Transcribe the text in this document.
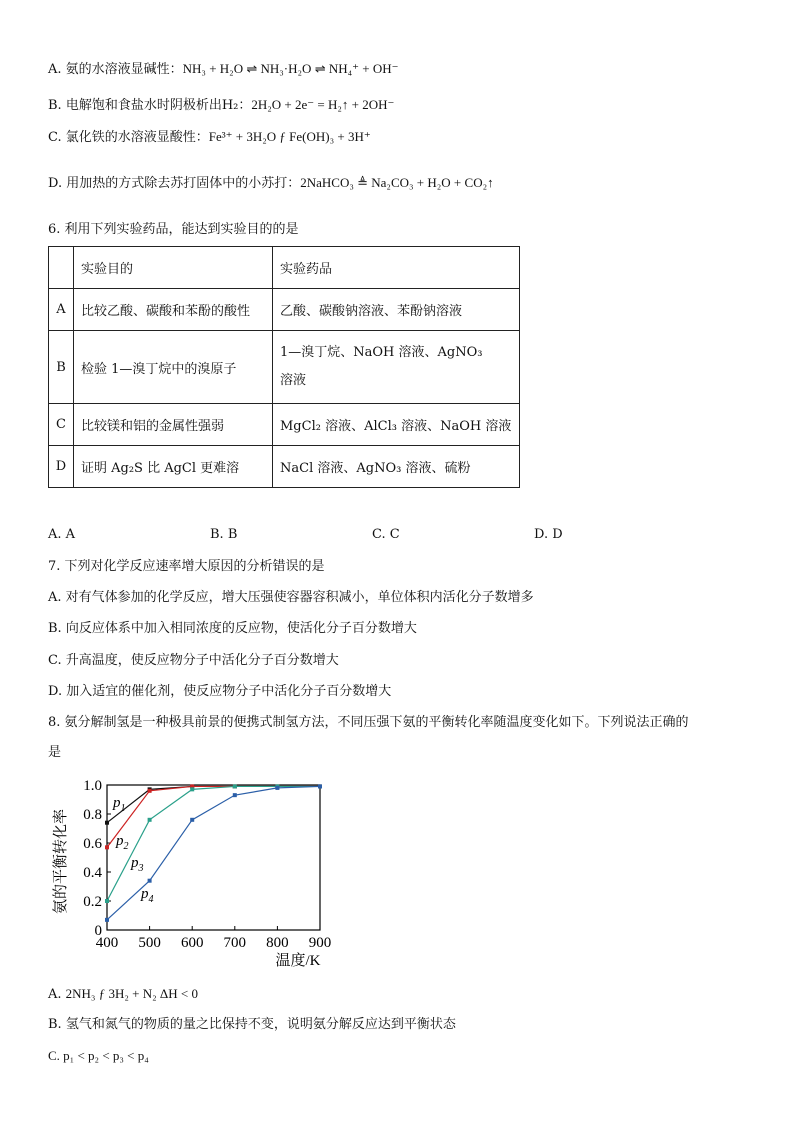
A. 氨的水溶液显碱性：NH₃ + H₂O ⇌ NH₃·H₂O ⇌ NH₄⁺ + OH⁻
B. 电解饱和食盐水时阴极析出H₂：2H₂O + 2e⁻ = H₂↑ + 2OH⁻
C. 氯化铁的水溶液显酸性：Fe³⁺ + 3H₂O ƒ Fe(OH)₃ + 3H⁺
D. 用加热的方式除去苏打固体中的小苏打：2NaHCO₃ ≜ Na₂CO₃ + H₂O + CO₂↑
6. 利用下列实验药品，能达到实验目的的是
	实验目的	实验药品
A	比较乙酸、碳酸和苯酚的酸性	乙酸、碳酸钠溶液、苯酚钠溶液
B	检验 1—溴丁烷中的溴原子	1—溴丁烷、NaOH 溶液、AgNO₃ 溶液
C	比较镁和铝的金属性强弱	MgCl₂ 溶液、AlCl₃ 溶液、NaOH 溶液
D	证明 Ag₂S 比 AgCl 更难溶	NaCl 溶液、AgNO₃ 溶液、硫粉
A. A	B. B	C. C	D. D
7. 下列对化学反应速率增大原因的分析错误的是
A. 对有气体参加的化学反应，增大压强使容器容积减小，单位体积内活化分子数增多
B. 向反应体系中加入相同浓度的反应物，使活化分子百分数增大
C. 升高温度，使反应物分子中活化分子百分数增大
D. 加入适宜的催化剂，使反应物分子中活化分子百分数增大
8. 氨分解制氢是一种极具前景的便携式制氢方法，不同压强下氨的平衡转化率随温度变化如下。下列说法正确的
是
0
0.2
0.4
0.6
0.8
1.0
400 500 600 700 800 900
温度/K
氨的平衡转化率
$p_1$
$p_2$
$p_3$
$p_4$
A. 2NH₃ ƒ 3H₂ + N₂ ΔH < 0
B. 氢气和氮气的物质的量之比保持不变，说明氨分解反应达到平衡状态
C. p₁ < p₂ < p₃ < p₄
